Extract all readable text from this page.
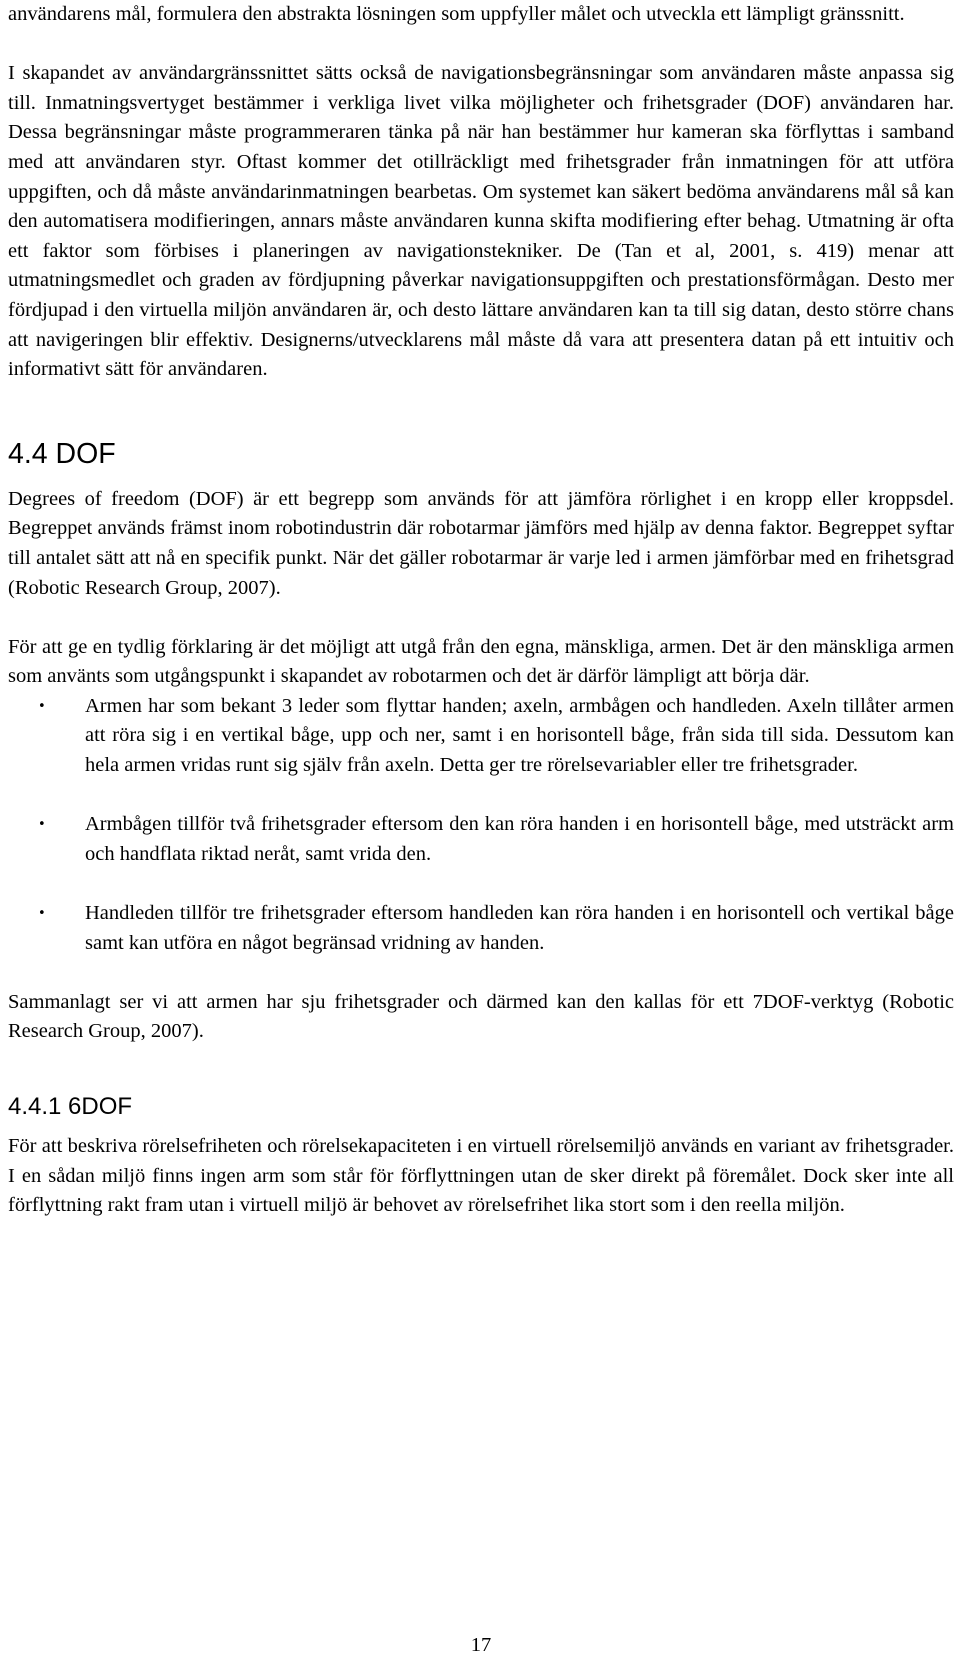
användarens mål, formulera den abstrakta lösningen som uppfyller målet och utveckla ett lämpligt gränssnitt.

I skapandet av användargränssnittet sätts också de navigationsbegränsningar som användaren måste anpassa sig till. Inmatningsvertyget bestämmer i verkliga livet vilka möjligheter och frihetsgrader (DOF) användaren har. Dessa begränsningar måste programmeraren tänka på när han bestämmer hur kameran ska förflyttas i samband med att användaren styr. Oftast kommer det otillräckligt med frihetsgrader från inmatningen för att utföra uppgiften, och då måste användarinmatningen bearbetas. Om systemet kan säkert bedöma användarens mål så kan den automatisera modifieringen, annars måste användaren kunna skifta modifiering efter behag. Utmatning är ofta ett faktor som förbises i planeringen av navigationstekniker. De (Tan et al, 2001, s. 419) menar att utmatningsmedlet och graden av fördjupning påverkar navigationsuppgiften och prestationsförmågan. Desto mer fördjupad i den virtuella miljön användaren är, och desto lättare användaren kan ta till sig datan, desto större chans att navigeringen blir effektiv. Designerns/utvecklarens mål måste då vara att presentera datan på ett intuitiv och informativt sätt för användaren.

4.4 DOF

Degrees of freedom (DOF) är ett begrepp som används för att jämföra rörlighet i en kropp eller kroppsdel. Begreppet används främst inom robotindustrin där robotarmar jämförs med hjälp av denna faktor. Begreppet syftar till antalet sätt att nå en specifik punkt. När det gäller robotarmar är varje led i armen jämförbar med en frihetsgrad (Robotic Research Group, 2007).

För att ge en tydlig förklaring är det möjligt att utgå från den egna, mänskliga, armen. Det är den mänskliga armen som använts som utgångspunkt i skapandet av robotarmen och det är därför lämpligt att börja där.

• Armen har som bekant 3 leder som flyttar handen; axeln, armbågen och handleden. Axeln tillåter armen att röra sig i en vertikal båge, upp och ner, samt i en horisontell båge, från sida till sida. Dessutom kan hela armen vridas runt sig själv från axeln. Detta ger tre rörelsevariabler eller tre frihetsgrader.
• Armbågen tillför två frihetsgrader eftersom den kan röra handen i en horisontell båge, med utsträckt arm och handflata riktad neråt, samt vrida den.
• Handleden tillför tre frihetsgrader eftersom handleden kan röra handen i en horisontell och vertikal båge samt kan utföra en något begränsad vridning av handen.

Sammanlagt ser vi att armen har sju frihetsgrader och därmed kan den kallas för ett 7DOF-verktyg (Robotic Research Group, 2007).

4.4.1 6DOF

För att beskriva rörelsefriheten och rörelsekapaciteten i en virtuell rörelsemiljö används en variant av frihetsgrader. I en sådan miljö finns ingen arm som står för förflyttningen utan de sker direkt på föremålet. Dock sker inte all förflyttning rakt fram utan i virtuell miljö är behovet av rörelsefrihet lika stort som i den reella miljön.

17
